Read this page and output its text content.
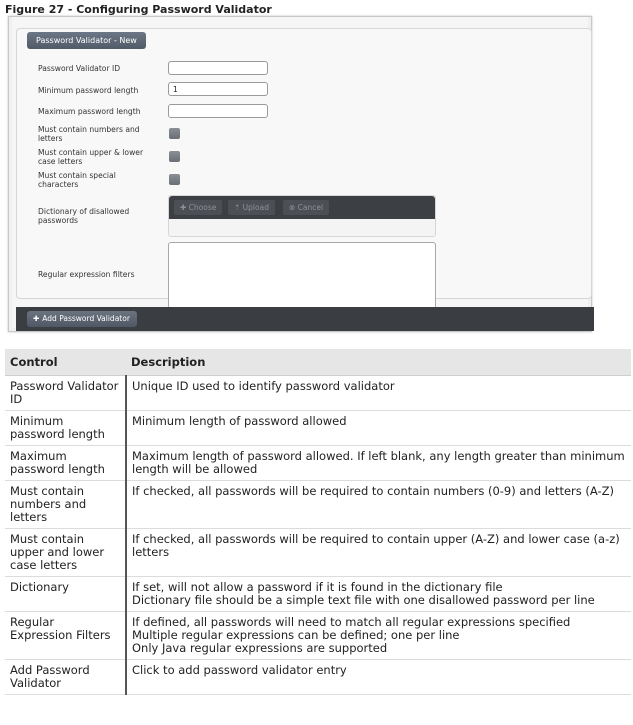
Figure 27 - Configuring Password Validator
Password Validator - New
Password Validator ID
Minimum password length	1
Maximum password length
Must contain numbers and
letters
Must contain upper & lower
case letters
Must contain special
characters
Dictionary of disallowed
passwords
✚ Choose	⇡ Upload	⊗ Cancel
Regular expression filters
✚ Add Password Validator
Control	Description
Password Validator ID	Unique ID used to identify password validator

Minimum password length	Minimum length of password allowed

Maximum password length	Maximum length of password allowed. If left blank, any length greater than minimum length will be allowed

Must contain numbers and letters	If checked, all passwords will be required to contain numbers (0-9) and letters (A-Z)

Must contain upper and lower case letters	If checked, all passwords will be required to contain upper (A-Z) and lower case (a-z) letters

Dictionary	If set, will not allow a password if it is found in the dictionary file
Dictionary file should be a simple text file with one disallowed password per line

Regular Expression Filters	If defined, all passwords will need to match all regular expressions specified
Multiple regular expressions can be defined; one per line
Only Java regular expressions are supported

Add Password Validator	Click to add password validator entry
